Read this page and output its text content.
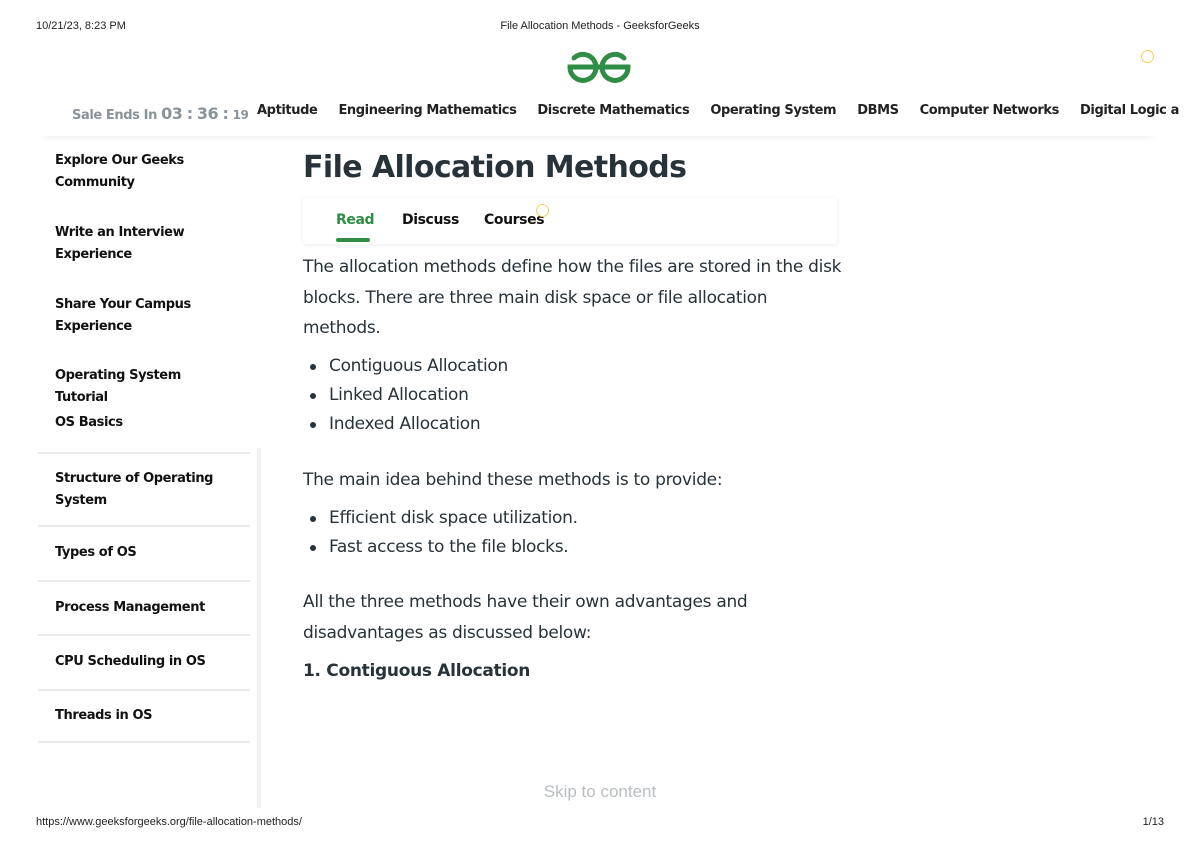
10/21/23, 8:23 PM	File Allocation Methods - GeeksforGeeks
Sale Ends In 03 : 36 : 19 Aptitude Engineering Mathematics Discrete Mathematics Operating System DBMS Computer Networks Digital Logic a
Explore Our Geeks Community
Write an Interview Experience
Share Your Campus Experience
Operating System Tutorial
OS Basics
Structure of Operating System
Types of OS
Process Management
CPU Scheduling in OS
Threads in OS
File Allocation Methods
Read Discuss Courses

The allocation methods define how the files are stored in the disk blocks. There are three main disk space or file allocation methods.

Contiguous Allocation
Linked Allocation
Indexed Allocation

The main idea behind these methods is to provide:

Efficient disk space utilization.
Fast access to the file blocks.

All the three methods have their own advantages and disadvantages as discussed below:

1. Contiguous Allocation
Skip to content
https://www.geeksforgeeks.org/file-allocation-methods/	1/13
